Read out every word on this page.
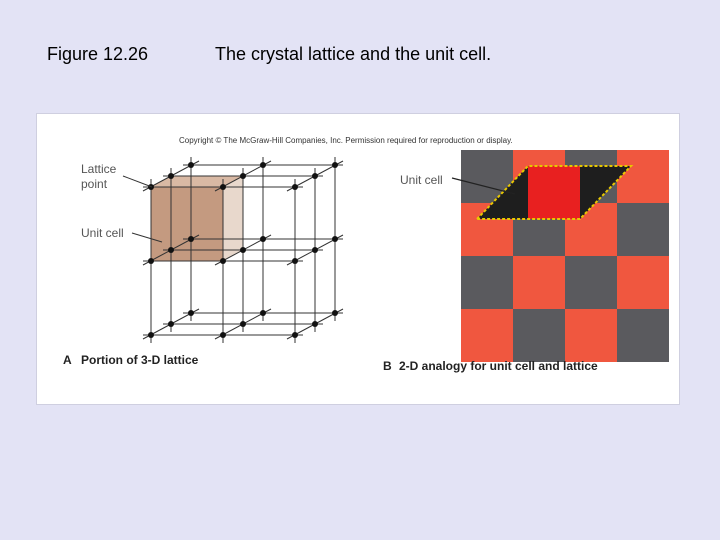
Figure 12.26	The crystal lattice and the unit cell.
Copyright © The McGraw-Hill Companies, Inc. Permission required for reproduction or display.
Lattice
point
Unit cell
A Portion of 3-D lattice
Unit cell
B 2-D analogy for unit cell and lattice
